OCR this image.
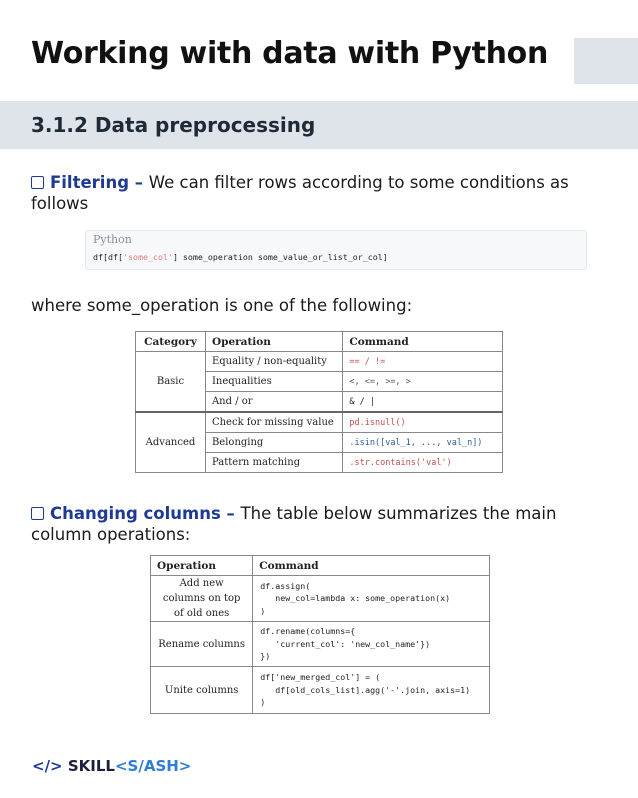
Working with data with Python
3.1.2 Data preprocessing

Filtering – We can filter rows according to some conditions as follows

Python
df[df['some_col'] some_operation some_value_or_list_or_col]

where some_operation is one of the following:

Category	Operation	Command
Basic	Equality / non-equality	== / !=
	Inequalities	<, <=, >=, >
	And / or	& / |
Advanced	Check for missing value	pd.isnull()
	Belonging	.isin([val_1, ..., val_n])
	Pattern matching	.str.contains('val')

Changing columns – The table below summarizes the main column operations:

Operation	Command
Add new columns on top of old ones	df.assign(
new_col=lambda x: some_operation(x)
)
Rename columns	df.rename(columns={
'current_col': 'new_col_name'})
})
Unite columns	df['new_merged_col'] = (
df[old_cols_list].agg('-'.join, axis=1)
)
</> SKILL<S/ASH>
